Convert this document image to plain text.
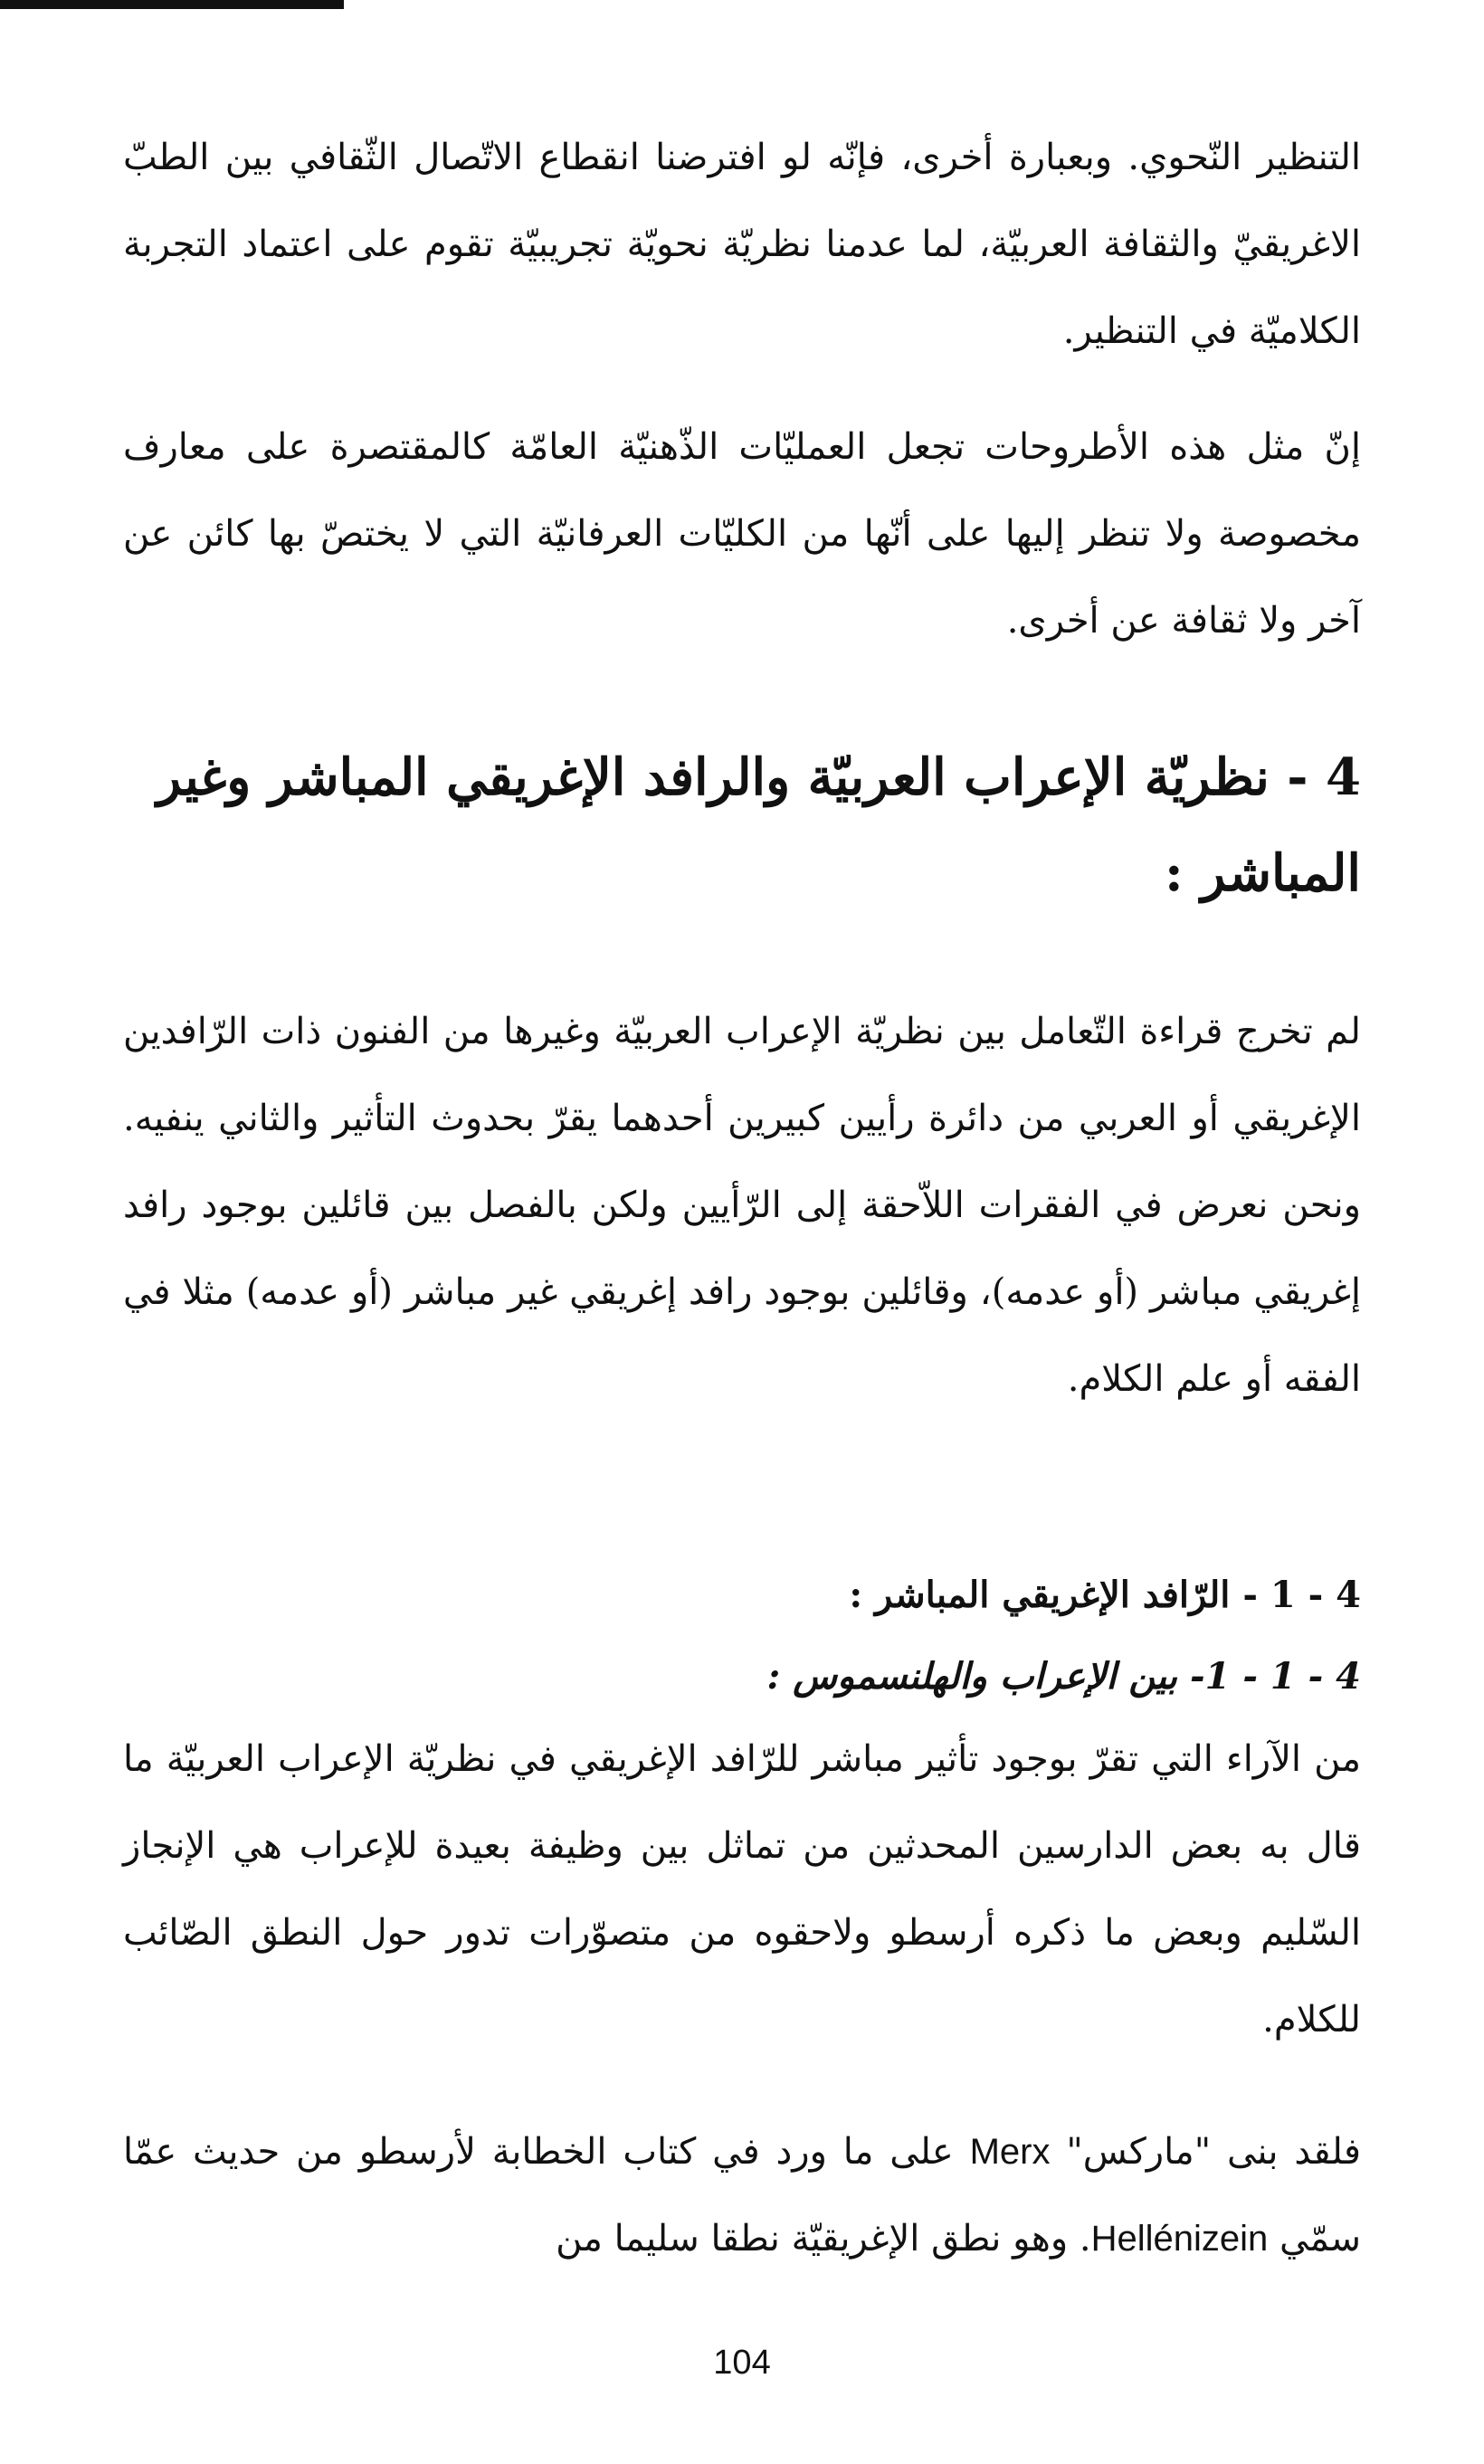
التنظير النّحوي. وبعبارة أخرى، فإنّه لو افترضنا انقطاع الاتّصال الثّقافي بين الطبّ الاغريقيّ والثقافة العربيّة، لما عدمنا نظريّة نحويّة تجريبيّة تقوم على اعتماد التجربة الكلاميّة في التنظير.

إنّ مثل هذه الأطروحات تجعل العمليّات الذّهنيّة العامّة كالمقتصرة على معارف مخصوصة ولا تنظر إليها على أنّها من الكليّات العرفانيّة التي لا يختصّ بها كائن عن آخر ولا ثقافة عن أخرى.

4 - نظريّة الإعراب العربيّة والرافد الإغريقي المباشر وغير المباشر :

لم تخرج قراءة التّعامل بين نظريّة الإعراب العربيّة وغيرها من الفنون ذات الرّافدين الإغريقي أو العربي من دائرة رأيين كبيرين أحدهما يقرّ بحدوث التأثير والثاني ينفيه. ونحن نعرض في الفقرات اللاّحقة إلى الرّأيين ولكن بالفصل بين قائلين بوجود رافد إغريقي مباشر (أو عدمه)، وقائلين بوجود رافد إغريقي غير مباشر (أو عدمه) مثلا في الفقه أو علم الكلام.

4 - 1 - الرّافد الإغريقي المباشر :
4 - 1 - 1- بين الإعراب والهلنسموس :

من الآراء التي تقرّ بوجود تأثير مباشر للرّافد الإغريقي في نظريّة الإعراب العربيّة ما قال به بعض الدارسين المحدثين من تماثل بين وظيفة بعيدة للإعراب هي الإنجاز السّليم وبعض ما ذكره أرسطو ولاحقوه من متصوّرات تدور حول النطق الصّائب للكلام.

فلقد بنى "ماركس" Merx على ما ورد في كتاب الخطابة لأرسطو من حديث عمّا سمّي Hellénizein. وهو نطق الإغريقيّة نطقا سليما من

104
